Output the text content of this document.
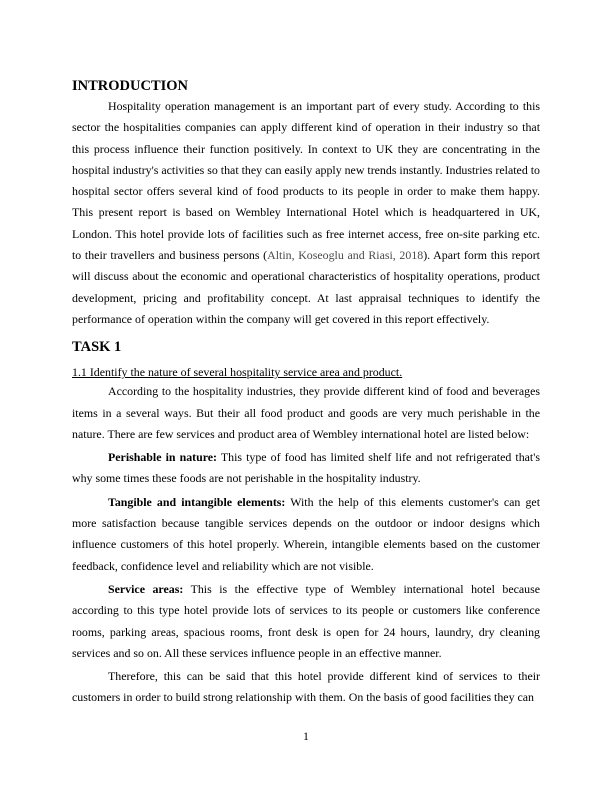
INTRODUCTION

Hospitality operation management is an important part of every study. According to this sector the hospitalities companies can apply different kind of operation in their industry so that this process influence their function positively. In context to UK they are concentrating in the hospital industry's activities so that they can easily apply new trends instantly. Industries related to hospital sector offers several kind of food products to its people in order to make them happy. This present report is based on Wembley International Hotel which is headquartered in UK, London. This hotel provide lots of facilities such as free internet access, free on-site parking etc. to their travellers and business persons (Altin, Koseoglu and Riasi, 2018). Apart form this report will discuss about the economic and operational characteristics of hospitality operations, product development, pricing and profitability concept. At last appraisal techniques to identify the performance of operation within the company will get covered in this report effectively.

TASK 1

1.1 Identify the nature of several hospitality service area and product.

According to the hospitality industries, they provide different kind of food and beverages items in a several ways. But their all food product and goods are very much perishable in the nature. There are few services and product area of Wembley international hotel are listed below:

Perishable in nature: This type of food has limited shelf life and not refrigerated that's why some times these foods are not perishable in the hospitality industry.

Tangible and intangible elements: With the help of this elements customer's can get more satisfaction because tangible services depends on the outdoor or indoor designs which influence customers of this hotel properly. Wherein, intangible elements based on the customer feedback, confidence level and reliability which are not visible.

Service areas: This is the effective type of Wembley international hotel because according to this type hotel provide lots of services to its people or customers like conference rooms, parking areas, spacious rooms, front desk is open for 24 hours, laundry, dry cleaning services and so on. All these services influence people in an effective manner.

Therefore, this can be said that this hotel provide different kind of services to their customers in order to build strong relationship with them. On the basis of good facilities they can

1
